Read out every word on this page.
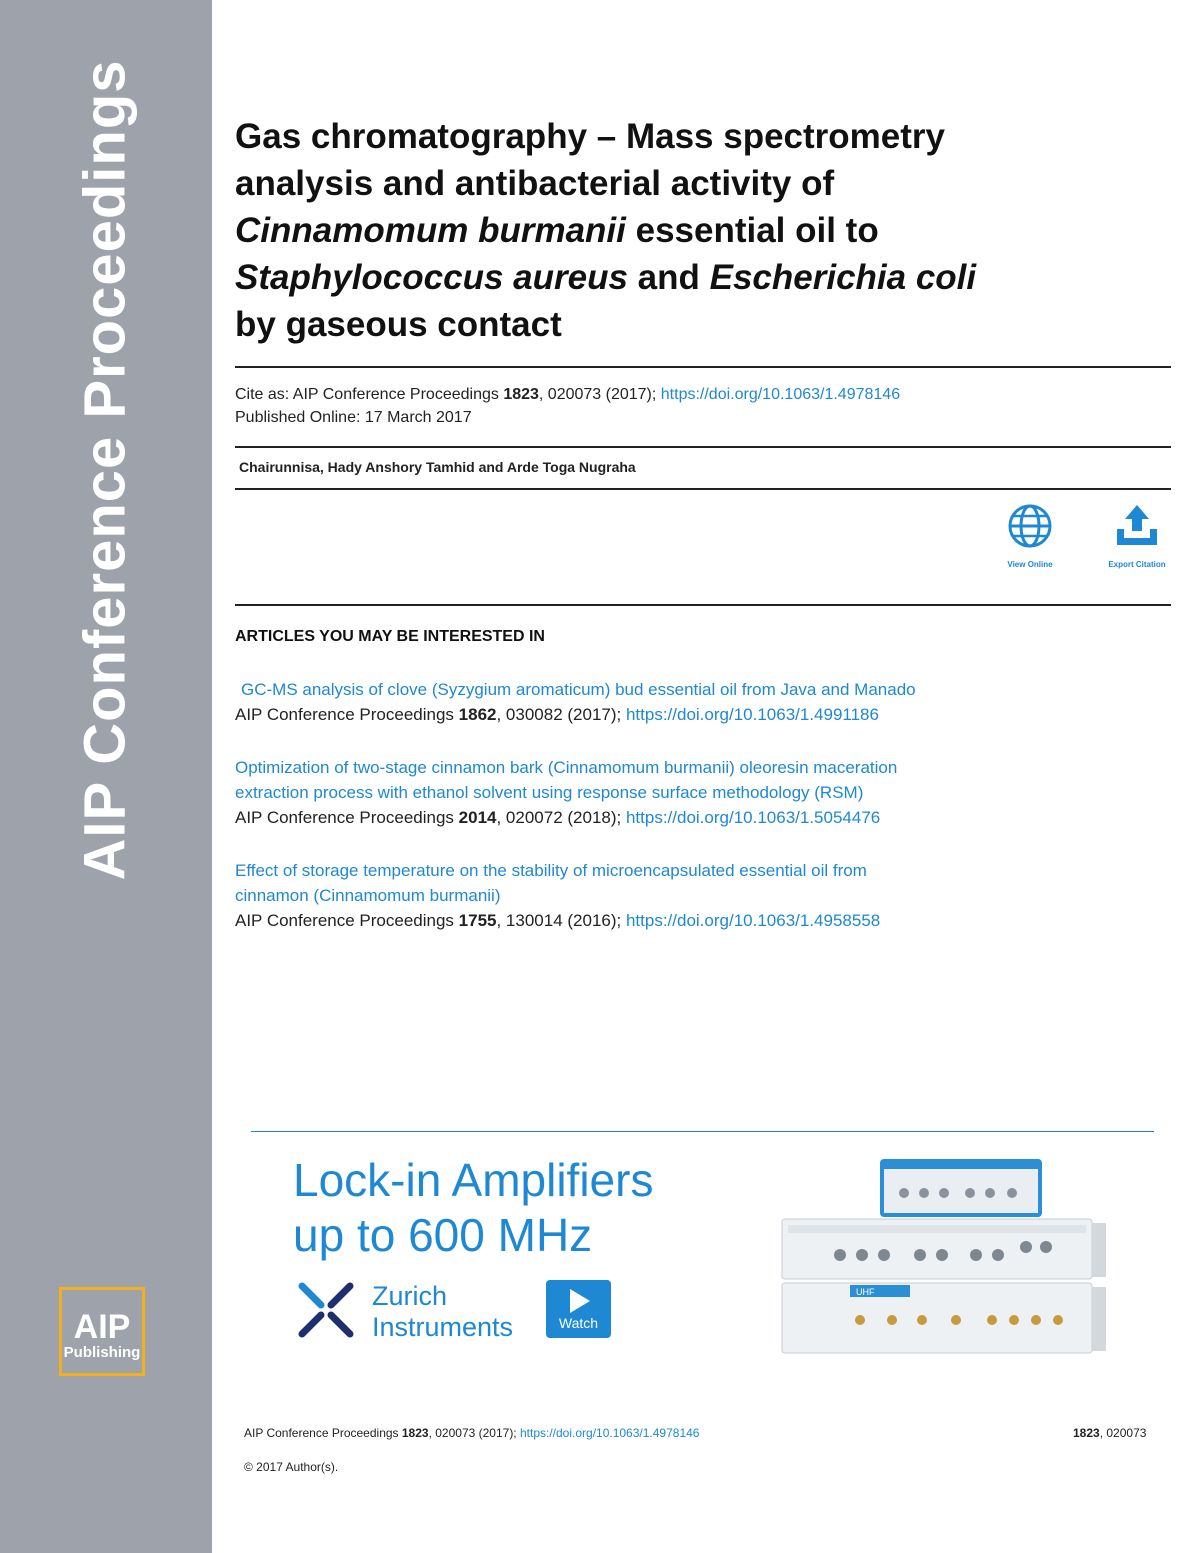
AIP Conference Proceedings
AIP
Publishing
Gas chromatography – Mass spectrometry
analysis and antibacterial activity of
Cinnamomum burmanii essential oil to
Staphylococcus aureus and Escherichia coli
by gaseous contact
Cite as: AIP Conference Proceedings 1823, 020073 (2017); https://doi.org/10.1063/1.4978146
Published Online: 17 March 2017
Chairunnisa, Hady Anshory Tamhid and Arde Toga Nugraha
View Online	Export Citation
ARTICLES YOU MAY BE INTERESTED IN
GC-MS analysis of clove (Syzygium aromaticum) bud essential oil from Java and Manado
AIP Conference Proceedings 1862, 030082 (2017); https://doi.org/10.1063/1.4991186
Optimization of two-stage cinnamon bark (Cinnamomum burmanii) oleoresin maceration
extraction process with ethanol solvent using response surface methodology (RSM)
AIP Conference Proceedings 2014, 020072 (2018); https://doi.org/10.1063/1.5054476
Effect of storage temperature on the stability of microencapsulated essential oil from
cinnamon (Cinnamomum burmanii)
AIP Conference Proceedings 1755, 130014 (2016); https://doi.org/10.1063/1.4958558
Lock-in Amplifiers
up to 600 MHz
Zurich
Instruments	Watch
UHF
AIP Conference Proceedings 1823, 020073 (2017); https://doi.org/10.1063/1.4978146	1823, 020073
© 2017 Author(s).
